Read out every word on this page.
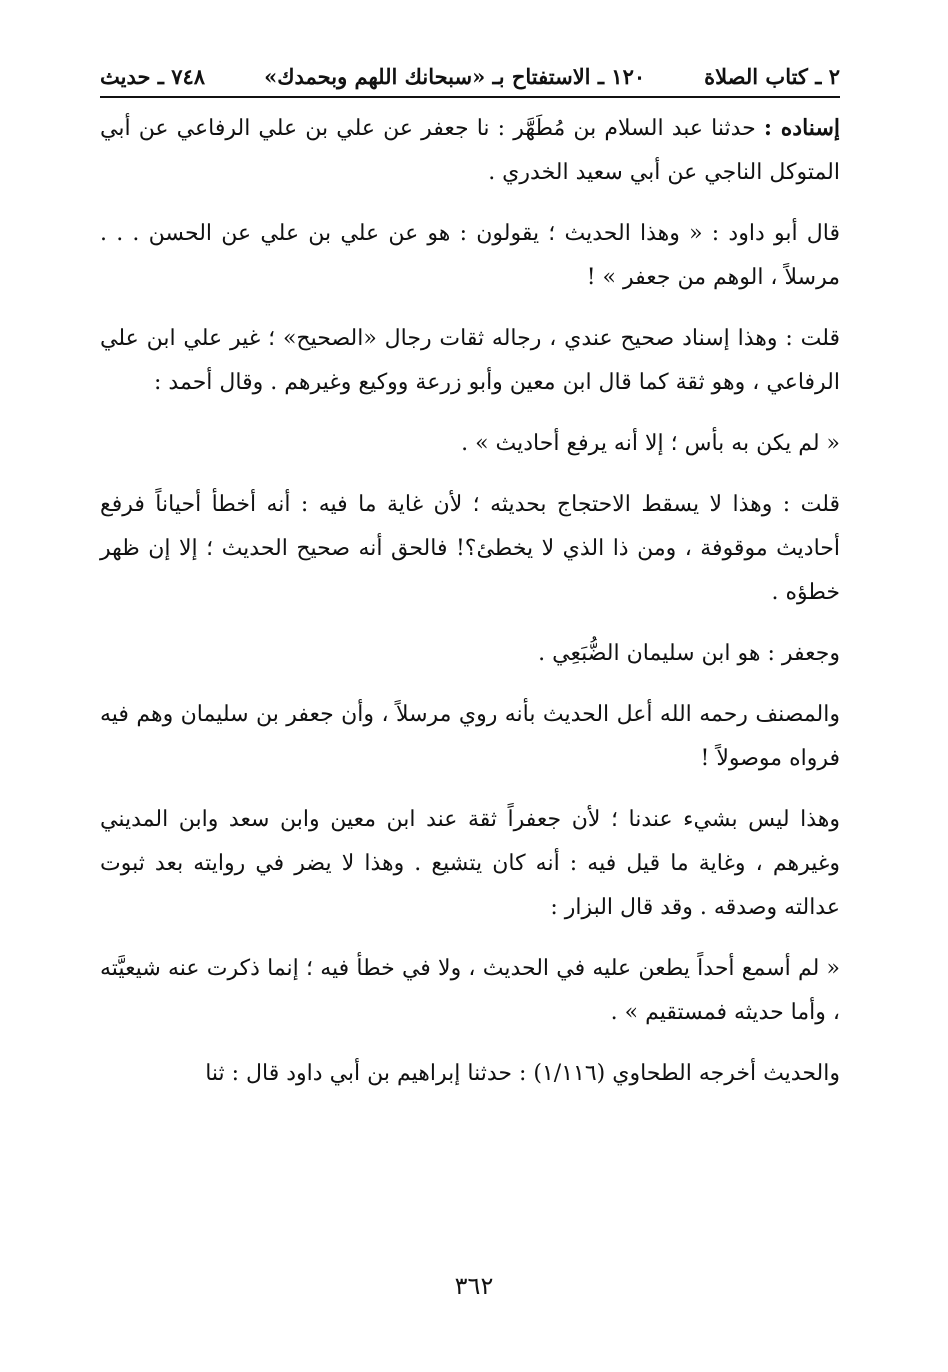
٢ ـ كتاب الصلاة
١٢٠ ـ الاستفتاح بـ «سبحانك اللهم وبحمدك»
٧٤٨ ـ حديث

إسناده : حدثنا عبد السلام بن مُطَهَّر : نا جعفر عن علي بن علي الرفاعي عن أبي المتوكل الناجي عن أبي سعيد الخدري .

قال أبو داود : « وهذا الحديث ؛ يقولون : هو عن علي بن علي عن الحسن . . . مرسلاً ، الوهم من جعفر » !

قلت : وهذا إسناد صحيح عندي ، رجاله ثقات رجال «الصحيح» ؛ غير علي ابن علي الرفاعي ، وهو ثقة كما قال ابن معين وأبو زرعة ووكيع وغيرهم . وقال أحمد :

« لم يكن به بأس ؛ إلا أنه يرفع أحاديث » .

قلت : وهذا لا يسقط الاحتجاج بحديثه ؛ لأن غاية ما فيه : أنه أخطأ أحياناً فرفع أحاديث موقوفة ، ومن ذا الذي لا يخطئ؟! فالحق أنه صحيح الحديث ؛ إلا إن ظهر خطؤه .

وجعفر : هو ابن سليمان الضُّبَعِي .

والمصنف رحمه الله أعل الحديث بأنه روي مرسلاً ، وأن جعفر بن سليمان وهم فيه فرواه موصولاً !

وهذا ليس بشيء عندنا ؛ لأن جعفراً ثقة عند ابن معين وابن سعد وابن المديني وغيرهم ، وغاية ما قيل فيه : أنه كان يتشيع . وهذا لا يضر في روايته بعد ثبوت عدالته وصدقه . وقد قال البزار :

« لم أسمع أحداً يطعن عليه في الحديث ، ولا في خطأ فيه ؛ إنما ذكرت عنه شيعيَّته ، وأما حديثه فمستقيم » .

والحديث أخرجه الطحاوي (١/١١٦) : حدثنا إبراهيم بن أبي داود قال : ثنا

٣٦٢
